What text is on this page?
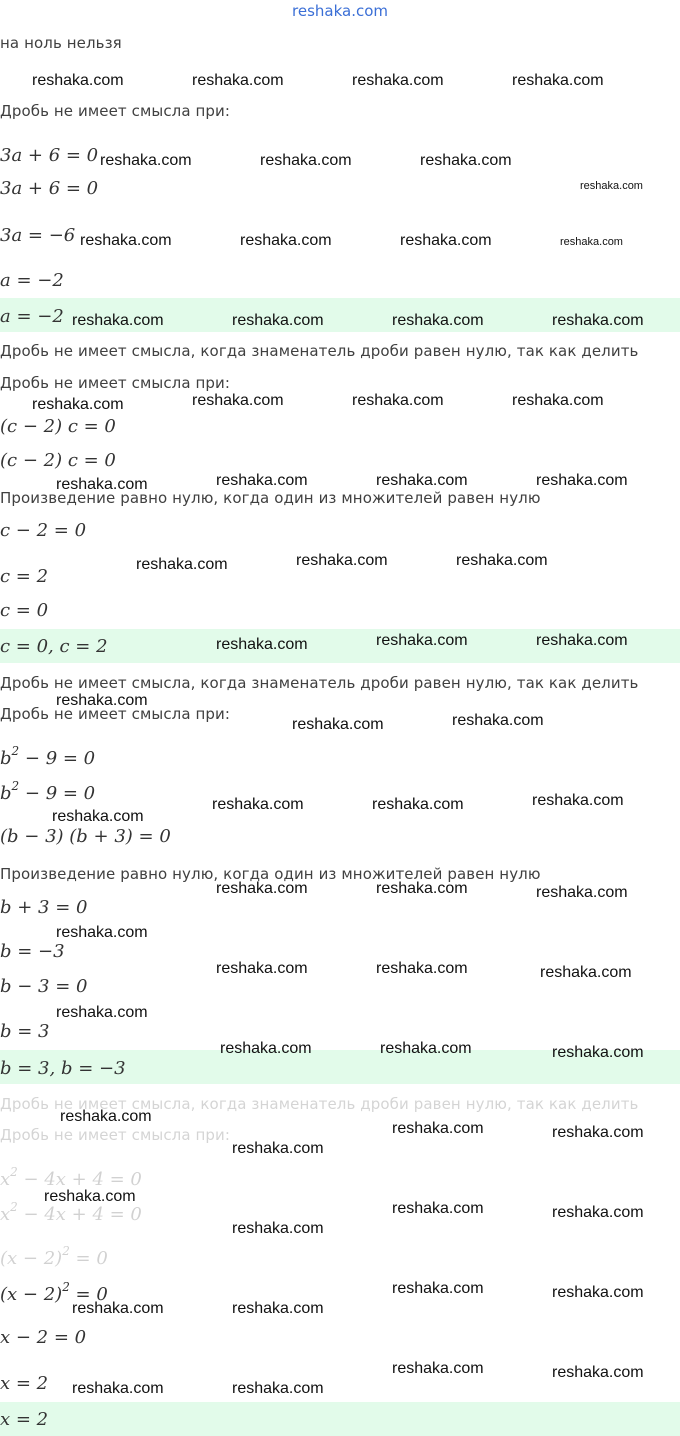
reshaka.com
на ноль нельзя
Дробь не имеет смысла при:
3a + 6 = 0
3a + 6 = 0
3a = −6
a = −2
a = −2
Дробь не имеет смысла, когда знаменатель дроби равен нулю, так как делить
Дробь не имеет смысла при:
(c − 2) c = 0
(c − 2) c = 0
Произведение равно нулю, когда один из множителей равен нулю
c − 2 = 0
c = 2
c = 0
c = 0, c = 2
Дробь не имеет смысла, когда знаменатель дроби равен нулю, так как делить
Дробь не имеет смысла при:
$b^2 - 9 = 0$
$b^2 - 9 = 0$
(b − 3) (b + 3) = 0
Произведение равно нулю, когда один из множителей равен нулю
b + 3 = 0
b = −3
b − 3 = 0
b = 3
b = 3, b = −3
Дробь не имеет смысла, когда знаменатель дроби равен нулю, так как делить
Дробь не имеет смысла при:
$x^2 - 4x + 4 = 0$
$x^2 - 4x + 4 = 0$
$(x - 2)^2 = 0$
$(x - 2)^2 = 0$
x − 2 = 0
x = 2
x = 2
reshaka.com	reshaka.com	reshaka.com	reshaka.com
reshaka.com	reshaka.com	reshaka.com
reshaka.com
reshaka.com	reshaka.com	reshaka.com	reshaka.com
reshaka.com	reshaka.com	reshaka.com	reshaka.com
reshaka.com	reshaka.com	reshaka.com	reshaka.com
reshaka.com	reshaka.com	reshaka.com	reshaka.com
reshaka.com	reshaka.com	reshaka.com
reshaka.com	reshaka.com	reshaka.com
reshaka.com
reshaka.com	reshaka.com
reshaka.com
reshaka.com	reshaka.com	reshaka.com
reshaka.com	reshaka.com	reshaka.com
reshaka.com
reshaka.com	reshaka.com	reshaka.com
reshaka.com
reshaka.com	reshaka.com	reshaka.com
reshaka.com
reshaka.com	reshaka.com
reshaka.com
reshaka.com
reshaka.com	reshaka.com
reshaka.com
reshaka.com	reshaka.com
reshaka.com	reshaka.com
reshaka.com	reshaka.com
reshaka.com	reshaka.com
